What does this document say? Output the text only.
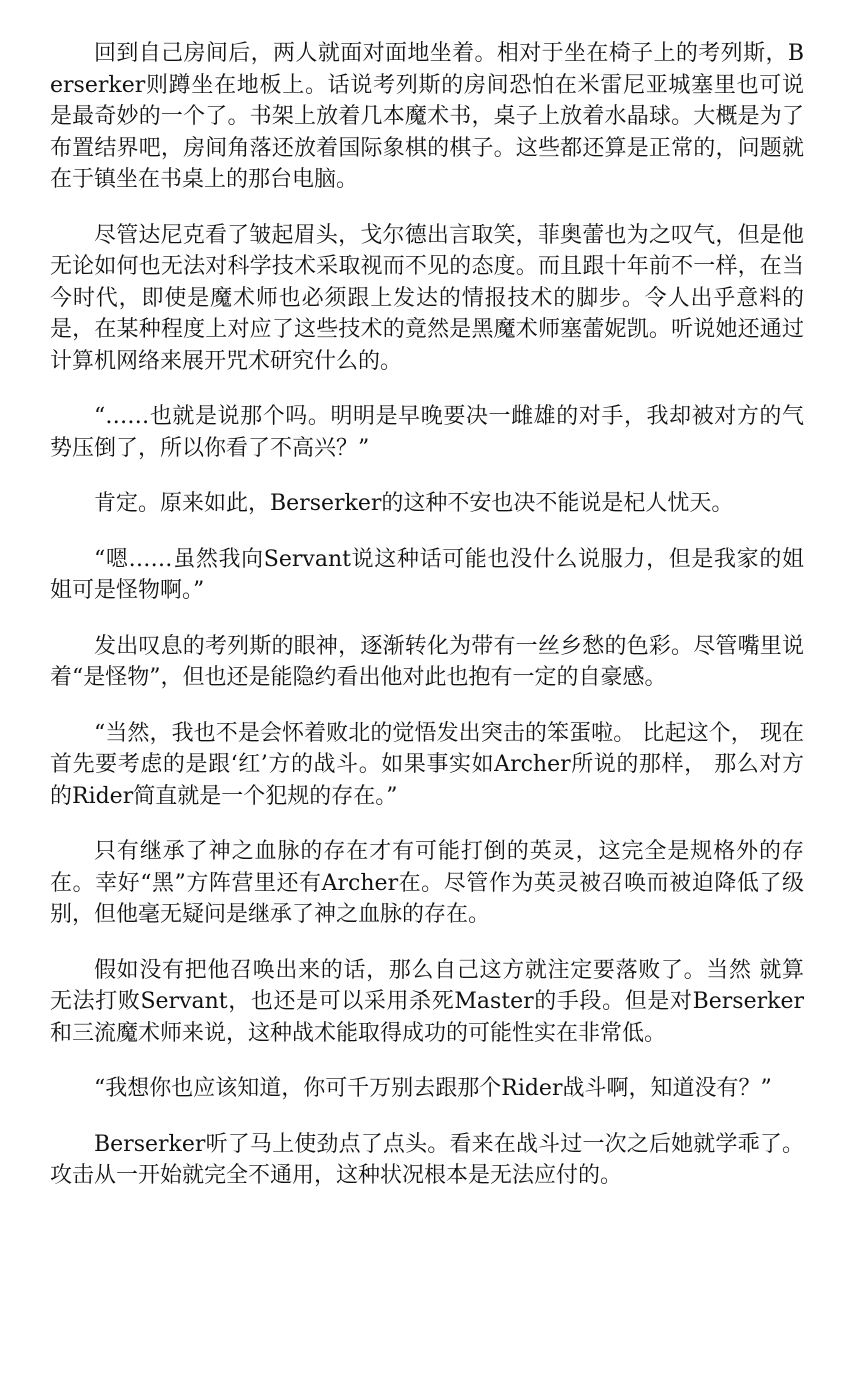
回到自己房间后，两人就面对面地坐着。相对于坐在椅子上的考列斯，Berserker则蹲坐在地板上。话说考列斯的房间恐怕在米雷尼亚城塞里也可说是最奇妙的一个了。书架上放着几本魔术书，桌子上放着水晶球。大概是为了布置结界吧，房间角落还放着国际象棋的棋子。这些都还算是正常的，问题就在于镇坐在书桌上的那台电脑。

尽管达尼克看了皱起眉头，戈尔德出言取笑，菲奥蕾也为之叹气，但是他无论如何也无法对科学技术采取视而不见的态度。而且跟十年前不一样，在当今时代，即使是魔术师也必须跟上发达的情报技术的脚步。令人出乎意料的是，在某种程度上对应了这些技术的竟然是黑魔术师塞蕾妮凯。听说她还通过计算机网络来展开咒术研究什么的。

“……也就是说那个吗。明明是早晚要决一雌雄的对手，我却被对方的气势压倒了，所以你看了不高兴？”

肯定。原来如此，Berserker的这种不安也决不能说是杞人忧天。

“嗯……虽然我向Servant说这种话可能也没什么说服力，但是我家的姐姐可是怪物啊。”

发出叹息的考列斯的眼神，逐渐转化为带有一丝乡愁的色彩。尽管嘴里说着“是怪物”，但也还是能隐约看出他对此也抱有一定的自豪感。

“当然，我也不是会怀着败北的觉悟发出突击的笨蛋啦。 比起这个， 现在首先要考虑的是跟‘红’方的战斗。如果事实如Archer所说的那样， 那么对方的Rider简直就是一个犯规的存在。”

只有继承了神之血脉的存在才有可能打倒的英灵，这完全是规格外的存在。幸好“黑”方阵营里还有Archer在。尽管作为英灵被召唤而被迫降低了级别，但他毫无疑问是继承了神之血脉的存在。

假如没有把他召唤出来的话，那么自己这方就注定要落败了。当然 就算无法打败Servant，也还是可以采用杀死Master的手段。但是对Berserker和三流魔术师来说，这种战术能取得成功的可能性实在非常低。

“我想你也应该知道，你可千万别去跟那个Rider战斗啊，知道没有？”

Berserker听了马上使劲点了点头。看来在战斗过一次之后她就学乖了。攻击从一开始就完全不通用，这种状况根本是无法应付的。
